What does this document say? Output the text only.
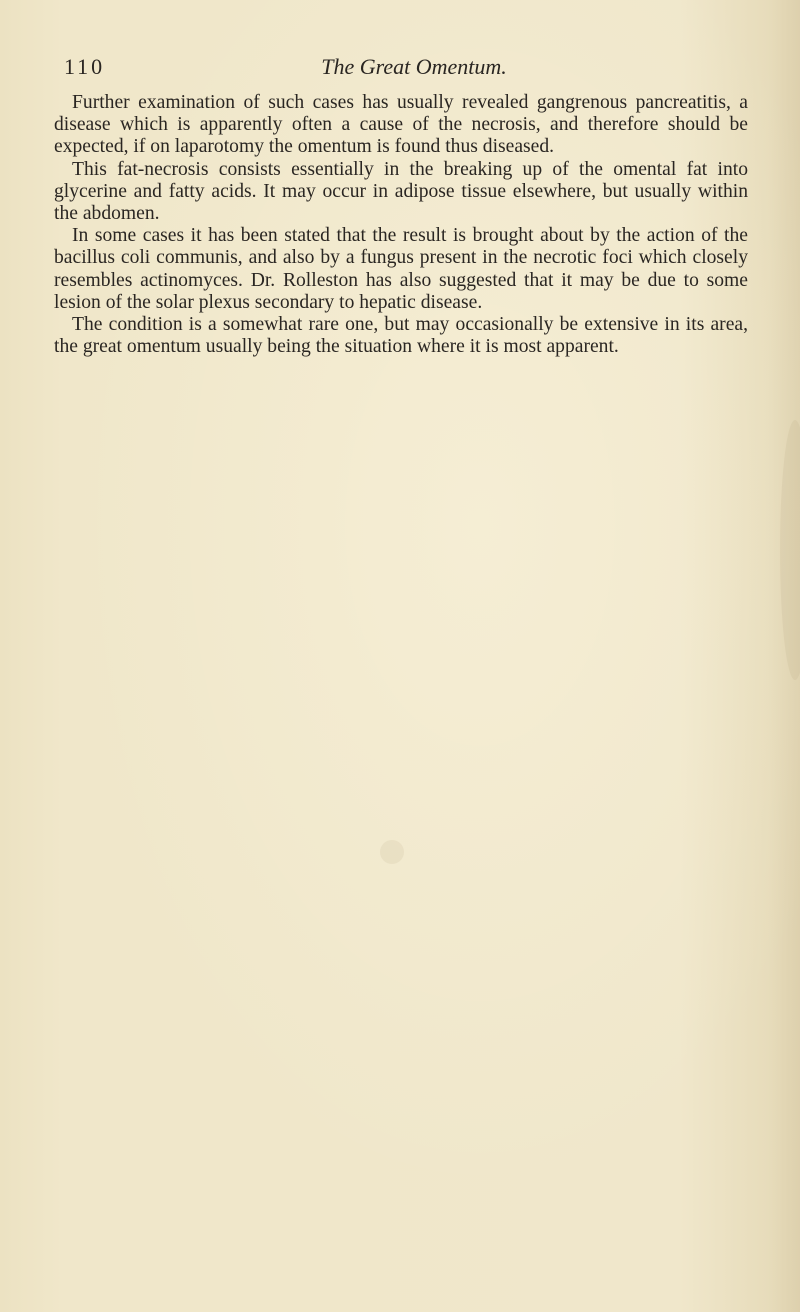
110	The Great Omentum.

Further examination of such cases has usually revealed gangrenous pancreatitis, a disease which is apparently often a cause of the necrosis, and therefore should be expected, if on laparotomy the omentum is found thus diseased.

This fat-necrosis consists essentially in the breaking up of the omental fat into glycerine and fatty acids. It may occur in adipose tissue elsewhere, but usually within the abdomen.

In some cases it has been stated that the result is brought about by the action of the bacillus coli communis, and also by a fungus present in the necrotic foci which closely resembles actinomyces. Dr. Rolleston has also suggested that it may be due to some lesion of the solar plexus secondary to hepatic disease.

The condition is a somewhat rare one, but may occasionally be extensive in its area, the great omentum usually being the situation where it is most apparent.
